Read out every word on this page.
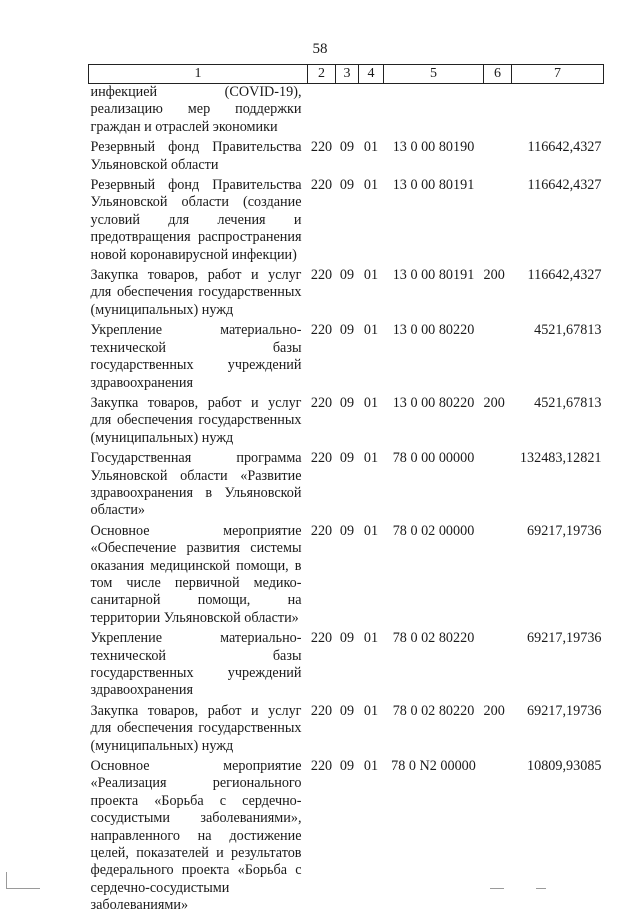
58
1	2	3	4	5	6	7
инфекцией (COVID-19), реализацию мер поддержки граждан и отраслей экономики						
Резервный фонд Правительства Ульяновской области	220	09	01	13 0 00 80190		116642,4327
Резервный фонд Правительства Ульяновской области (создание условий для лечения и предотвращения распространения новой коронавирусной инфекции)	220	09	01	13 0 00 80191		116642,4327
Закупка товаров, работ и услуг для обеспечения государственных (муниципальных) нужд	220	09	01	13 0 00 80191	200	116642,4327
Укрепление материально-технической базы государственных учреждений здравоохранения	220	09	01	13 0 00 80220		4521,67813
Закупка товаров, работ и услуг для обеспечения государственных (муниципальных) нужд	220	09	01	13 0 00 80220	200	4521,67813
Государственная программа Ульяновской области «Развитие здравоохранения в Ульяновской области»	220	09	01	78 0 00 00000		132483,12821
Основное мероприятие «Обеспечение развития системы оказания медицинской помощи, в том числе первичной медико-санитарной помощи, на территории Ульяновской области»	220	09	01	78 0 02 00000		69217,19736
Укрепление материально-технической базы государственных учреждений здравоохранения	220	09	01	78 0 02 80220		69217,19736
Закупка товаров, работ и услуг для обеспечения государственных (муниципальных) нужд	220	09	01	78 0 02 80220	200	69217,19736
Основное мероприятие «Реализация регионального проекта «Борьба с сердечно-сосудистыми заболеваниями», направленного на достижение целей, показателей и результатов федерального проекта «Борьба с сердечно-сосудистыми заболеваниями»	220	09	01	78 0 N2 00000		10809,93085
